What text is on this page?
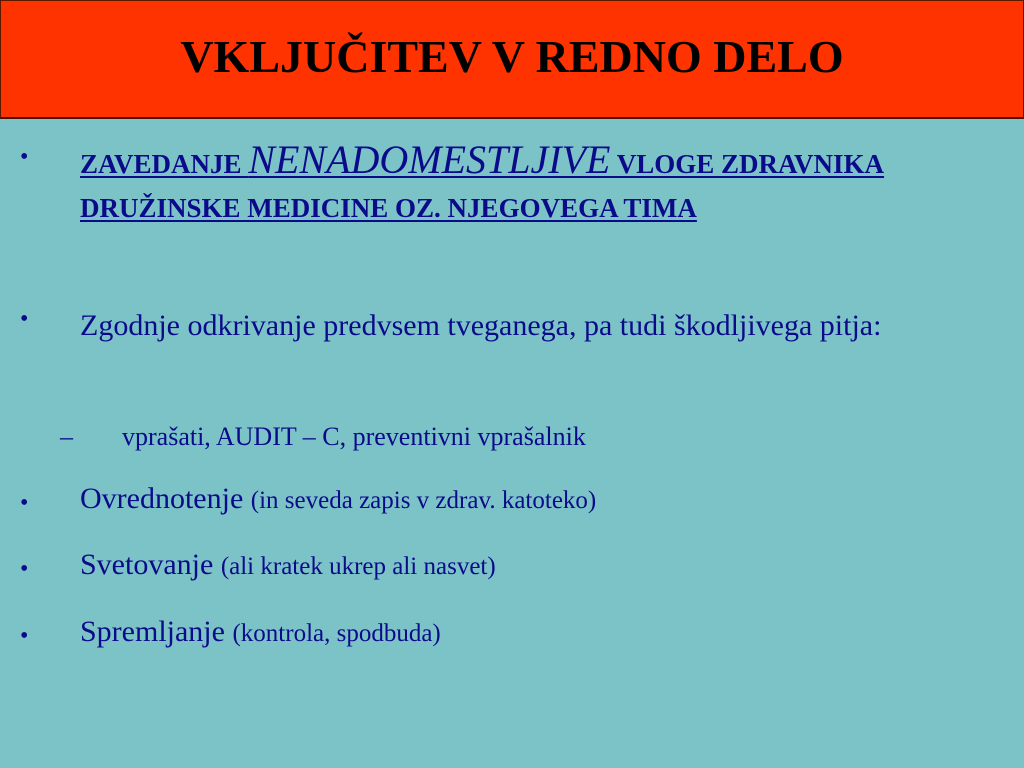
VKLJUČITEV V REDNO DELO
• ZAVEDANJE NENADOMESTLJIVE VLOGE ZDRAVNIKA DRUŽINSKE MEDICINE OZ. NJEGOVEGA TIMA
• Zgodnje odkrivanje predvsem tveganega, pa tudi škodljivega pitja:
– vprašati, AUDIT – C, preventivni vprašalnik
• Ovrednotenje (in seveda zapis v zdrav. katoteko)
• Svetovanje (ali kratek ukrep ali nasvet)
• Spremljanje (kontrola, spodbuda)
